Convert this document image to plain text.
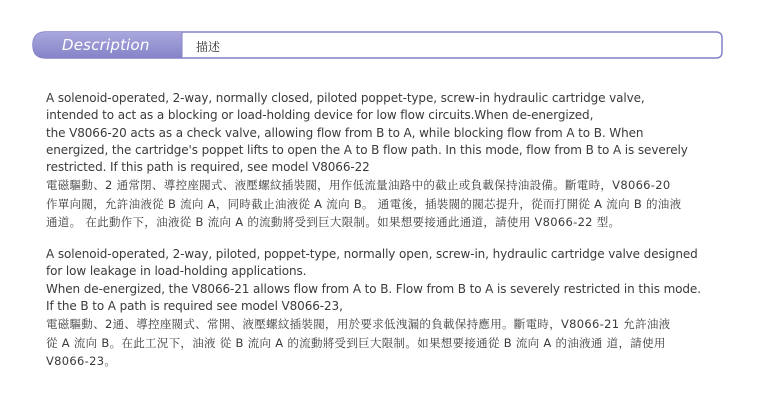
Description	描述

A solenoid-operated, 2-way, normally closed, piloted poppet-type, screw-in hydraulic cartridge valve,
intended to act as a blocking or load-holding device for low flow circuits.When de-energized,
the V8066-20 acts as a check valve, allowing flow from B to A, while blocking flow from A to B. When
energized, the cartridge's poppet lifts to open the A to B flow path. In this mode, flow from B to A is severely
restricted. If this path is required, see model V8066-22

電磁驅動、2 通常閉、導控座閥式、液壓螺紋插裝閥，用作低流量油路中的截止或負載保持油設備。斷電時，V8066-20
作單向閥，允許油液從 B 流向 A，同時截止油液從 A 流向 B。 通電後，插裝閥的閥芯提升，從而打開從 A 流向 B 的油液
通道。 在此動作下，油液從 B 流向 A 的流動將受到巨大限制。如果想要接通此通道，請使用 V8066-22 型。

A solenoid-operated, 2-way, piloted, poppet-type, normally open, screw-in, hydraulic cartridge valve designed
for low leakage in load-holding applications.
When de-energized, the V8066-21 allows flow from A to B. Flow from B to A is severely restricted in this mode.
If the B to A path is required see model V8066-23,

電磁驅動、2通、導控座閥式、常開、液壓螺紋插裝閥，用於要求低洩漏的負載保持應用。斷電時，V8066-21 允許油液
從 A 流向 B。在此工況下，油液 從 B 流向 A 的流動將受到巨大限制。如果想要接通從 B 流向 A 的油液通 道，請使用
V8066-23。
